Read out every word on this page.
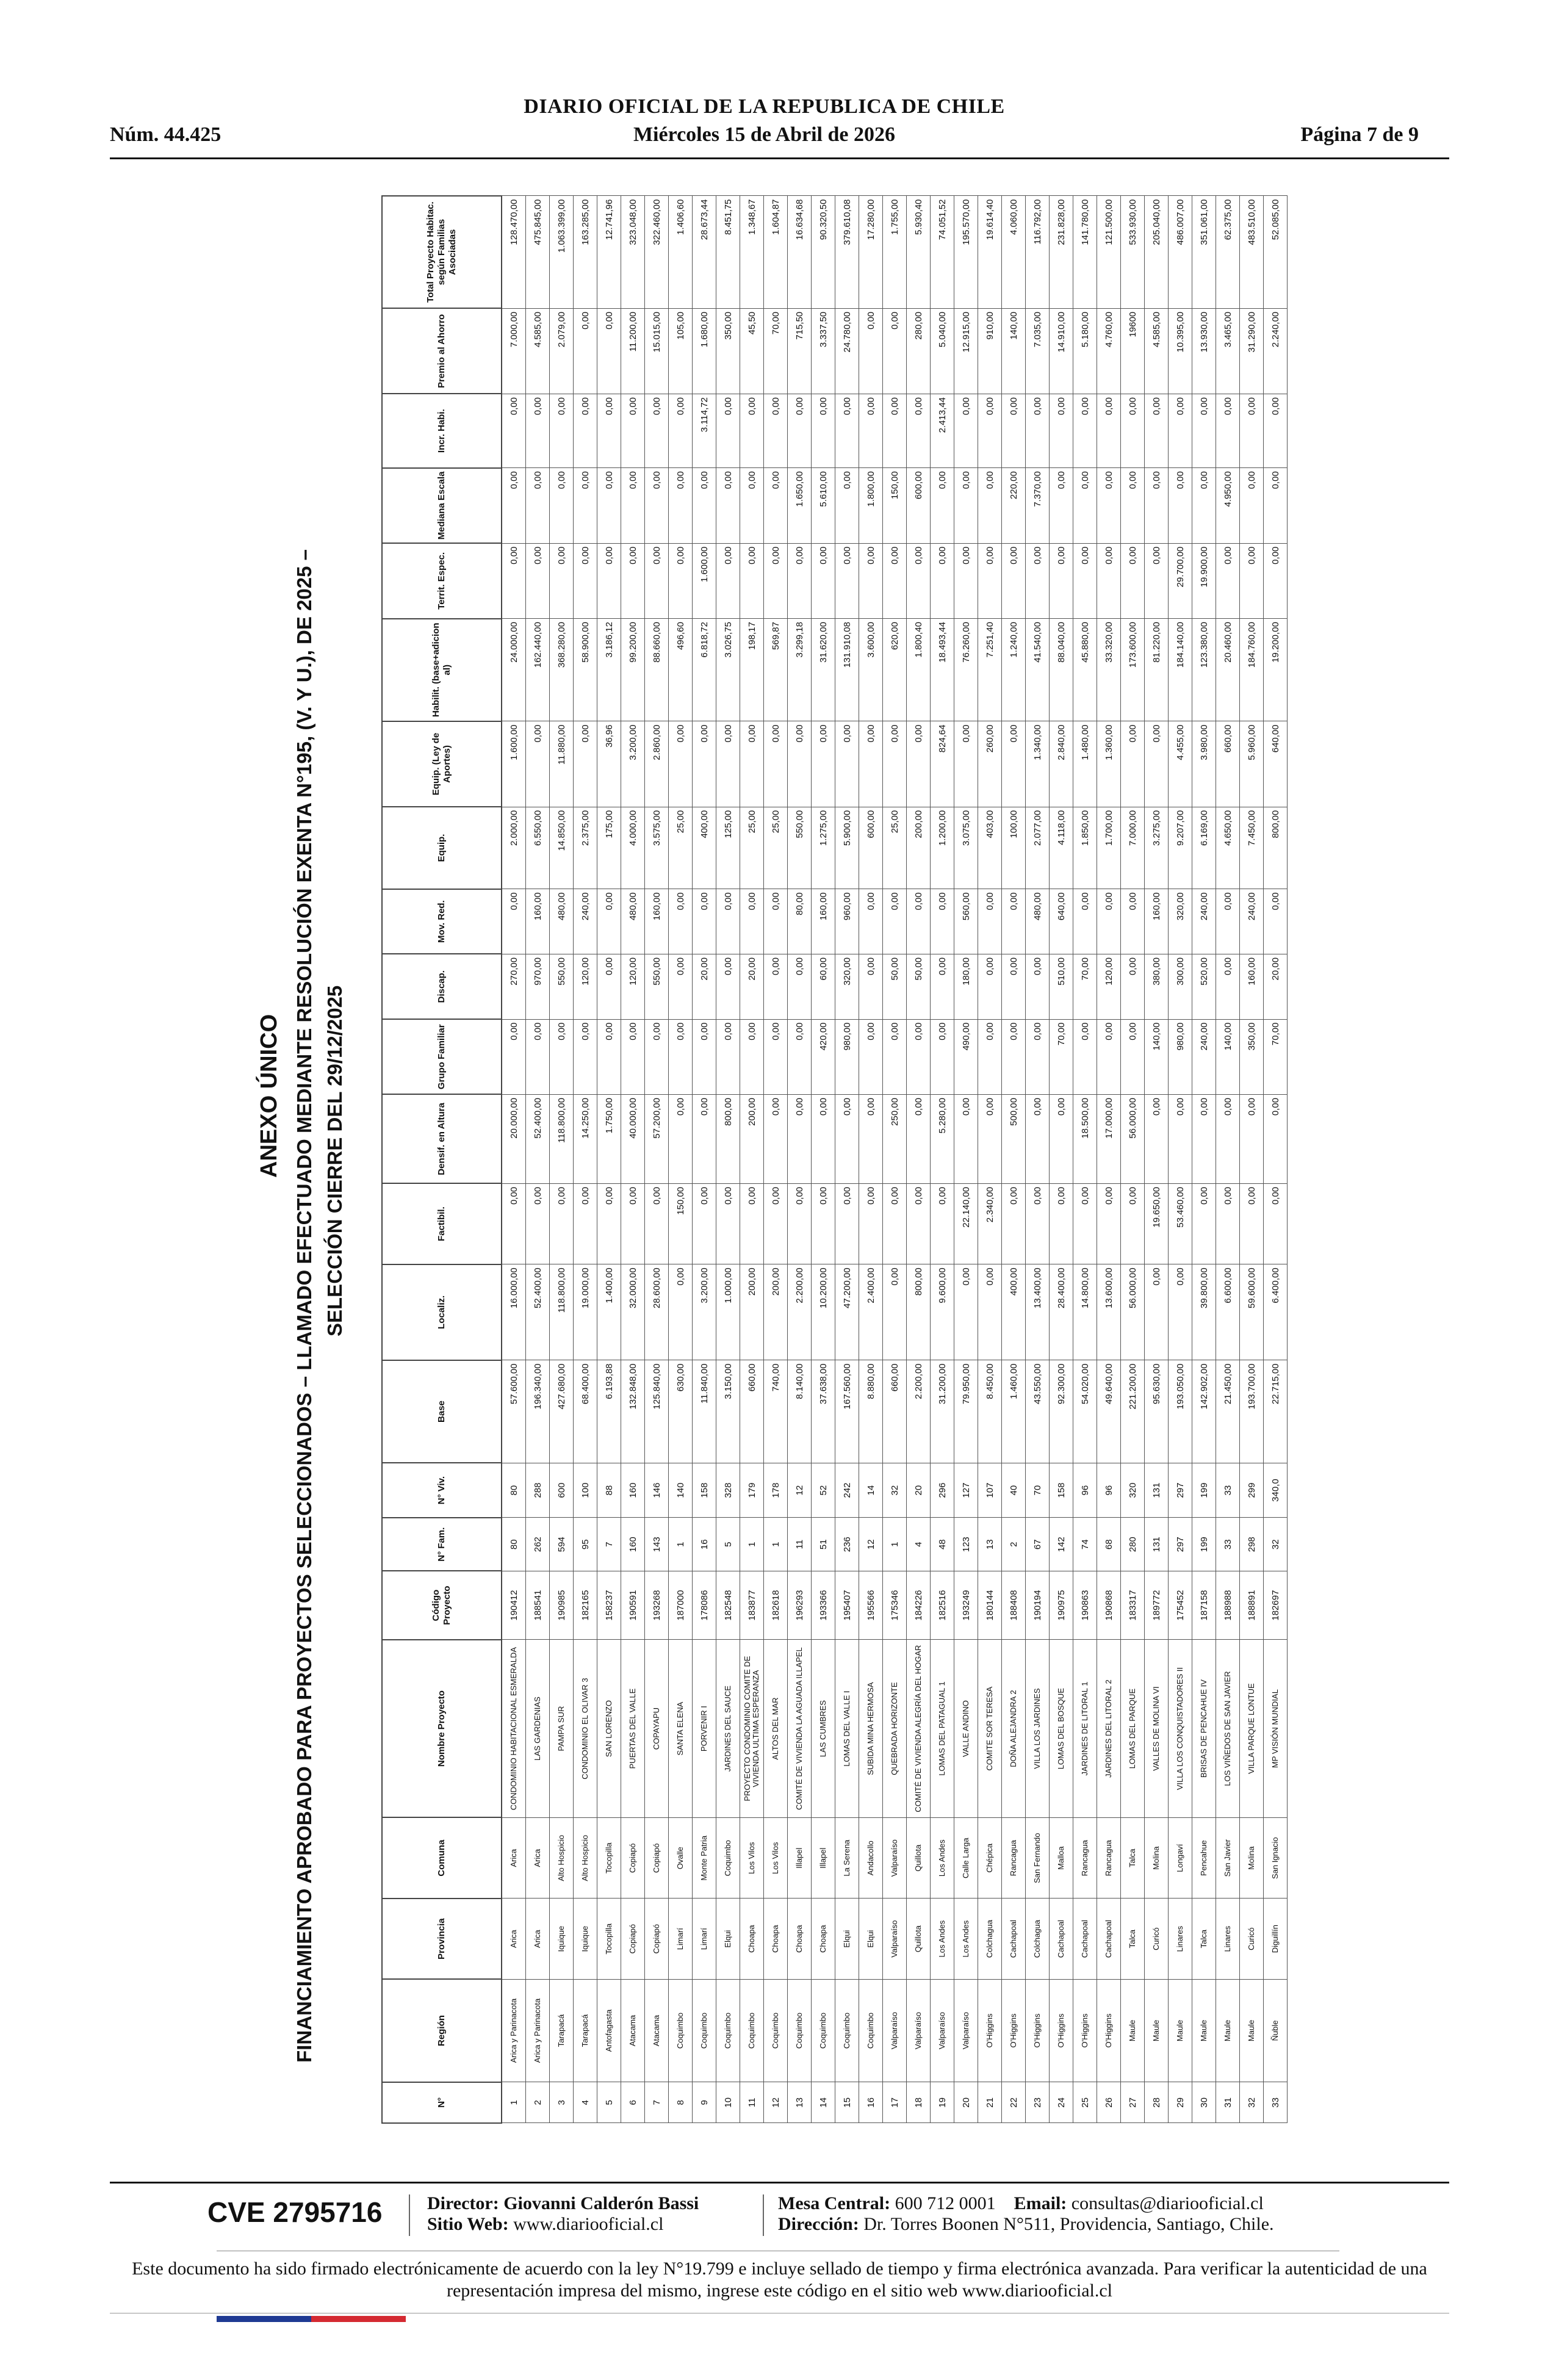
DIARIO OFICIAL DE LA REPUBLICA DE CHILE
Miércoles 15 de Abril de 2026
Núm. 44.425	Página 7 de 9
ANEXO ÚNICO FINANCIAMIENTO APROBADO PARA PROYECTOS SELECCIONADOS – LLAMADO EFECTUADO MEDIANTE RESOLUCIÓN EXENTA N°195, (V. Y U.), DE 2025 – SELECCIÓN CIERRE DEL 29/12/2025
N°	Región	Provincia	Comuna	Nombre Proyecto	Código Proyecto	N° Fam.	N° Viv.	Base	Localiz.	Factibil.	Densif. en Altura	Grupo Familiar	Discap.	Mov. Red.	Equip.	Equip. (Ley de Aportes)	Habilit. (base+adicion al)	Territ. Espec.	Mediana Escala	Incr. Habi.	Premio al Ahorro	Total Proyecto Habitac. según Familias Asociadas
1	Arica y Parinacota	Arica	Arica	CONDOMINIO HABITACIONAL ESMERALDA	190412	80	80	57.600,00	16.000,00	0,00	20.000,00	0,00	270,00	0,00	2.000,00	1.600,00	24.000,00	0,00	0,00	0,00	7.000,00	128.470,00
2	Arica y Parinacota	Arica	Arica	LAS GARDENIAS	188541	262	288	196.340,00	52.400,00	0,00	52.400,00	0,00	970,00	160,00	6.550,00	0,00	162.440,00	0,00	0,00	0,00	4.585,00	475.845,00
3	Tarapacá	Iquique	Alto Hospicio	PAMPA SUR	190985	594	600	427.680,00	118.800,00	0,00	118.800,00	0,00	550,00	480,00	14.850,00	11.880,00	368.280,00	0,00	0,00	0,00	2.079,00	1.063.399,00
4	Tarapacá	Iquique	Alto Hospicio	CONDOMINIO EL OLIVAR 3	182165	95	100	68.400,00	19.000,00	0,00	14.250,00	0,00	120,00	240,00	2.375,00	0,00	58.900,00	0,00	0,00	0,00	0,00	163.285,00
5	Antofagasta	Tocopilla	Tocopilla	SAN LORENZO	158237	7	88	6.193,88	1.400,00	0,00	1.750,00	0,00	0,00	0,00	175,00	36,96	3.186,12	0,00	0,00	0,00	0,00	12.741,96
6	Atacama	Copiapó	Copiapó	PUERTAS DEL VALLE	190591	160	160	132.848,00	32.000,00	0,00	40.000,00	0,00	120,00	480,00	4.000,00	3.200,00	99.200,00	0,00	0,00	0,00	11.200,00	323.048,00
7	Atacama	Copiapó	Copiapó	COPAYAPU	193268	143	146	125.840,00	28.600,00	0,00	57.200,00	0,00	550,00	160,00	3.575,00	2.860,00	88.660,00	0,00	0,00	0,00	15.015,00	322.460,00
8	Coquimbo	Limarí	Ovalle	SANTA ELENA	187000	1	140	630,00	0,00	150,00	0,00	0,00	0,00	0,00	25,00	0,00	496,60	0,00	0,00	0,00	105,00	1.406,60
9	Coquimbo	Limarí	Monte Patria	PORVENIR I	178086	16	158	11.840,00	3.200,00	0,00	0,00	0,00	20,00	0,00	400,00	0,00	6.818,72	1.600,00	0,00	3.114,72	1.680,00	28.673,44
10	Coquimbo	Elqui	Coquimbo	JARDINES DEL SAUCE	182548	5	328	3.150,00	1.000,00	0,00	800,00	0,00	0,00	0,00	125,00	0,00	3.026,75	0,00	0,00	0,00	350,00	8.451,75
11	Coquimbo	Choapa	Los Vilos	PROYECTO CONDOMINIO COMITE DE VIVIENDA ULTIMA ESPERANZA	183877	1	179	660,00	200,00	0,00	200,00	0,00	20,00	0,00	25,00	0,00	198,17	0,00	0,00	0,00	45,50	1.348,67
12	Coquimbo	Choapa	Los Vilos	ALTOS DEL MAR	182618	1	178	740,00	200,00	0,00	0,00	0,00	0,00	0,00	25,00	0,00	569,87	0,00	0,00	0,00	70,00	1.604,87
13	Coquimbo	Choapa	Illapel	COMITÉ DE VIVIENDA LA AGUADA ILLAPEL	196293	11	12	8.140,00	2.200,00	0,00	0,00	0,00	0,00	80,00	550,00	0,00	3.299,18	0,00	1.650,00	0,00	715,50	16.634,68
14	Coquimbo	Choapa	Illapel	LAS CUMBRES	193366	51	52	37.638,00	10.200,00	0,00	0,00	420,00	60,00	160,00	1.275,00	0,00	31.620,00	0,00	5.610,00	0,00	3.337,50	90.320,50
15	Coquimbo	Elqui	La Serena	LOMAS DEL VALLE I	195407	236	242	167.560,00	47.200,00	0,00	0,00	980,00	320,00	960,00	5.900,00	0,00	131.910,08	0,00	0,00	0,00	24.780,00	379.610,08
16	Coquimbo	Elqui	Andacollo	SUBIDA MINA HERMOSA	195566	12	14	8.880,00	2.400,00	0,00	0,00	0,00	0,00	0,00	600,00	0,00	3.600,00	0,00	1.800,00	0,00	0,00	17.280,00
17	Valparaíso	Valparaíso	Valparaíso	QUEBRADA HORIZONTE	175346	1	32	660,00	0,00	0,00	250,00	0,00	50,00	0,00	25,00	0,00	620,00	0,00	150,00	0,00	0,00	1.755,00
18	Valparaíso	Quillota	Quillota	COMITÉ DE VIVIENDA ALEGRÍA DEL HOGAR	184226	4	20	2.200,00	800,00	0,00	0,00	0,00	50,00	0,00	200,00	0,00	1.800,40	0,00	600,00	0,00	280,00	5.930,40
19	Valparaíso	Los Andes	Los Andes	LOMAS DEL PATAGUAL 1	182516	48	296	31.200,00	9.600,00	0,00	5.280,00	0,00	0,00	0,00	1.200,00	824,64	18.493,44	0,00	0,00	2.413,44	5.040,00	74.051,52
20	Valparaíso	Los Andes	Calle Larga	VALLE ANDINO	193249	123	127	79.950,00	0,00	22.140,00	0,00	490,00	180,00	560,00	3.075,00	0,00	76.260,00	0,00	0,00	0,00	12.915,00	195.570,00
21	O'Higgins	Colchagua	Chépica	COMITE SOR TERESA	180144	13	107	8.450,00	0,00	2.340,00	0,00	0,00	0,00	0,00	403,00	260,00	7.251,40	0,00	0,00	0,00	910,00	19.614,40
22	O'Higgins	Cachapoal	Rancagua	DOÑA ALEJANDRA 2	188408	2	40	1.460,00	400,00	0,00	500,00	0,00	0,00	0,00	100,00	0,00	1.240,00	0,00	220,00	0,00	140,00	4.060,00
23	O'Higgins	Colchagua	San Fernando	VILLA LOS JARDINES	190194	67	70	43.550,00	13.400,00	0,00	0,00	0,00	0,00	480,00	2.077,00	1.340,00	41.540,00	0,00	7.370,00	0,00	7.035,00	116.792,00
24	O'Higgins	Cachapoal	Malloa	LOMAS DEL BOSQUE	190975	142	158	92.300,00	28.400,00	0,00	0,00	70,00	510,00	640,00	4.118,00	2.840,00	88.040,00	0,00	0,00	0,00	14.910,00	231.828,00
25	O'Higgins	Cachapoal	Rancagua	JARDINES DE LITORAL 1	190863	74	96	54.020,00	14.800,00	0,00	18.500,00	0,00	70,00	0,00	1.850,00	1.480,00	45.880,00	0,00	0,00	0,00	5.180,00	141.780,00
26	O'Higgins	Cachapoal	Rancagua	JARDINES DEL LITORAL 2	190868	68	96	49.640,00	13.600,00	0,00	17.000,00	0,00	120,00	0,00	1.700,00	1.360,00	33.320,00	0,00	0,00	0,00	4.760,00	121.500,00
27	Maule	Talca	Talca	LOMAS DEL PARQUE	183317	280	320	221.200,00	56.000,00	0,00	56.000,00	0,00	0,00	0,00	7.000,00	0,00	173.600,00	0,00	0,00	0,00	19600	533.930,00
28	Maule	Curicó	Molina	VALLES DE MOLINA VI	189772	131	131	95.630,00	0,00	19.650,00	0,00	140,00	380,00	160,00	3.275,00	0,00	81.220,00	0,00	0,00	0,00	4.585,00	205.040,00
29	Maule	Linares	Longaví	VILLA LOS CONQUISTADORES II	175452	297	297	193.050,00	0,00	53.460,00	0,00	980,00	300,00	320,00	9.207,00	4.455,00	184.140,00	29.700,00	0,00	0,00	10.395,00	486.007,00
30	Maule	Talca	Pencahue	BRISAS DE PENCAHUE IV	187158	199	199	142.902,00	39.800,00	0,00	0,00	240,00	520,00	240,00	6.169,00	3.980,00	123.380,00	19.900,00	0,00	0,00	13.930,00	351.061,00
31	Maule	Linares	San Javier	LOS VIÑEDOS DE SAN JAVIER	188988	33	33	21.450,00	6.600,00	0,00	0,00	140,00	0,00	0,00	4.650,00	660,00	20.460,00	0,00	4.950,00	0,00	3.465,00	62.375,00
32	Maule	Curicó	Molina	VILLA PARQUE LONTUE	188891	298	299	193.700,00	59.600,00	0,00	0,00	350,00	160,00	240,00	7.450,00	5.960,00	184.760,00	0,00	0,00	0,00	31.290,00	483.510,00
33	Ñuble	Diguillín	San Ignacio	MP VISIÓN MUNDIAL	182697	32	340,0	22.715,00	6.400,00	0,00	0,00	70,00	20,00	0,00	800,00	640,00	19.200,00	0,00	0,00	0,00	2.240,00	52.085,00
CVE 2795716 Director: Giovanni Calderón Bassi
Sitio Web: www.diariooficial.cl
Mesa Central: 600 712 0001 Email: consultas@diariooficial.cl
Dirección: Dr. Torres Boonen N°511, Providencia, Santiago, Chile.
Este documento ha sido firmado electrónicamente de acuerdo con la ley N°19.799 e incluye sellado de tiempo y firma electrónica avanzada. Para verificar la autenticidad de una representación impresa del mismo, ingrese este código en el sitio web www.diariooficial.cl
